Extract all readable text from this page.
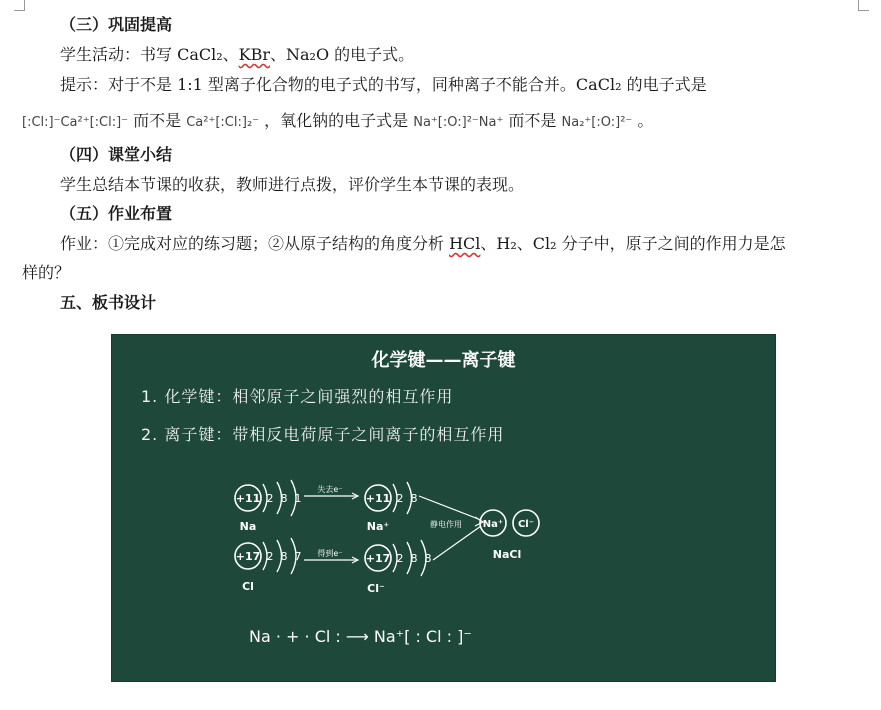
（三）巩固提高
学生活动：书写 CaCl₂、KBr、Na₂O 的电子式。
提示：对于不是 1:1 型离子化合物的电子式的书写，同种离子不能合并。CaCl₂ 的电子式是
[:Cl:]⁻Ca²⁺[:Cl:]⁻ 而不是 Ca²⁺[:Cl:]₂⁻ ，氧化钠的电子式是 Na⁺[:O:]²⁻Na⁺ 而不是 Na₂⁺[:O:]²⁻ 。
（四）课堂小结
学生总结本节课的收获，教师进行点拨，评价学生本节课的表现。
（五）作业布置
作业：①完成对应的练习题；②从原子结构的角度分析 HCl、H₂、Cl₂ 分子中，原子之间的作用力是怎
样的？
五、板书设计
化学键——离子键
1. 化学键：相邻原子之间强烈的相互作用
2. 离子键：带相反电荷原子之间离子的相互作用
+11 2 8 1
Na
失去e⁻
+11 2 8
Na⁺
+17 2 8 7
Cl
得到e⁻ +17 2 8 8
Cl⁻
静电作用 Na⁺ Cl⁻
NaCl
Na · + · Cl : ⟶ Na⁺[ : Cl : ]⁻
